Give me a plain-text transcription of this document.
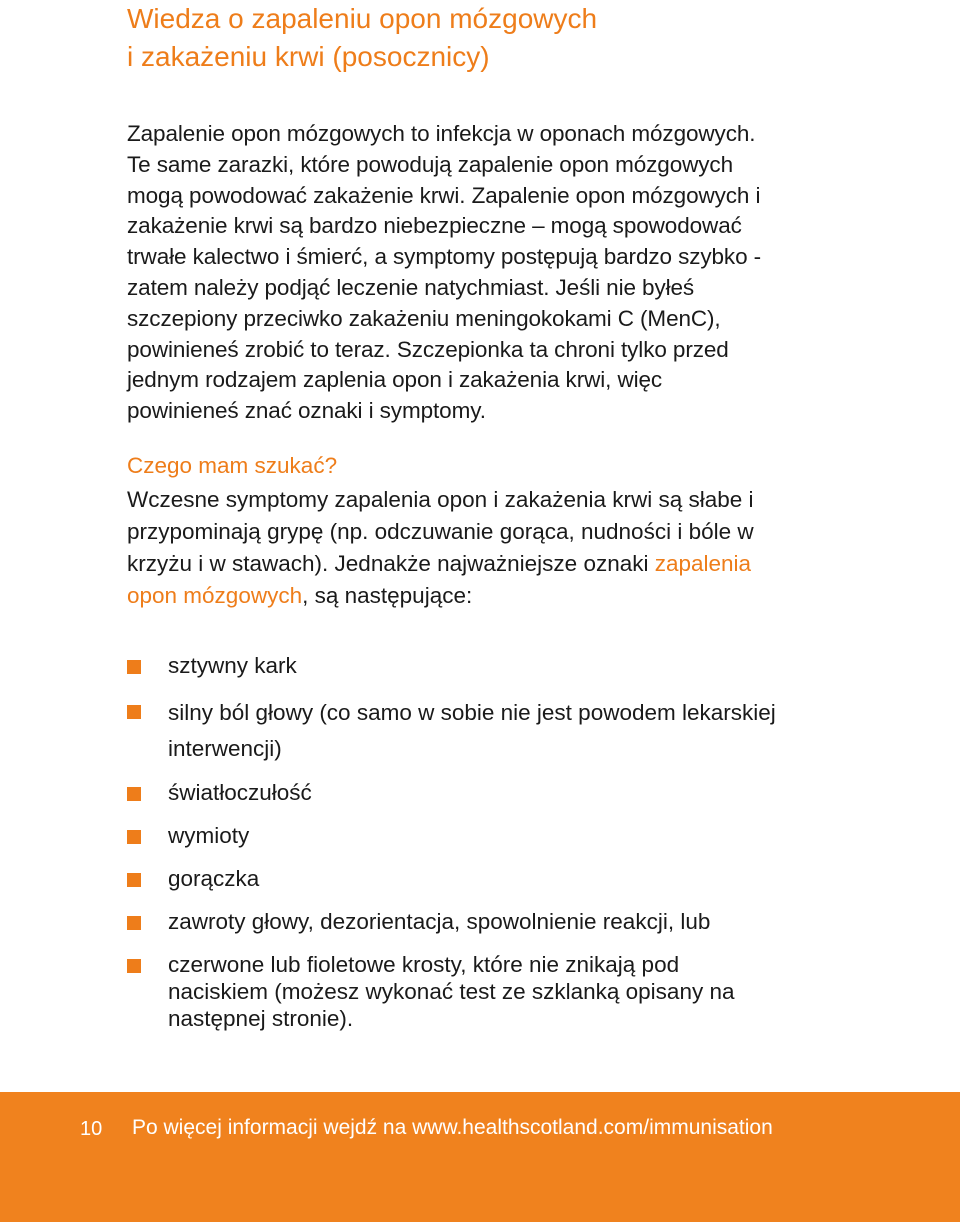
Wiedza o zapaleniu opon mózgowych
i zakażeniu krwi (posocznicy)

Zapalenie opon mózgowych to infekcja w oponach mózgowych.
Te same zarazki, które powodują zapalenie opon mózgowych
mogą powodować zakażenie krwi. Zapalenie opon mózgowych i
zakażenie krwi są bardzo niebezpieczne – mogą spowodować
trwałe kalectwo i śmierć, a symptomy postępują bardzo szybko -
zatem należy podjąć leczenie natychmiast. Jeśli nie byłeś
szczepiony przeciwko zakażeniu meningokokami C (MenC),
powinieneś zrobić to teraz. Szczepionka ta chroni tylko przed
jednym rodzajem zaplenia opon i zakażenia krwi, więc
powinieneś znać oznaki i symptomy.

Czego mam szukać?

Wczesne symptomy zapalenia opon i zakażenia krwi są słabe i
przypominają grypę (np. odczuwanie gorąca, nudności i bóle w
krzyżu i w stawach). Jednakże najważniejsze oznaki zapalenia
opon mózgowych, są następujące:

sztywny kark
silny ból głowy (co samo w sobie nie jest powodem lekarskiej
interwencji)
światłoczułość
wymioty
gorączka
zawroty głowy, dezorientacja, spowolnienie reakcji, lub
czerwone lub fioletowe krosty, które nie znikają pod
naciskiem (możesz wykonać test ze szklanką opisany na
następnej stronie).
10 Po więcej informacji wejdź na www.healthscotland.com/immunisation
